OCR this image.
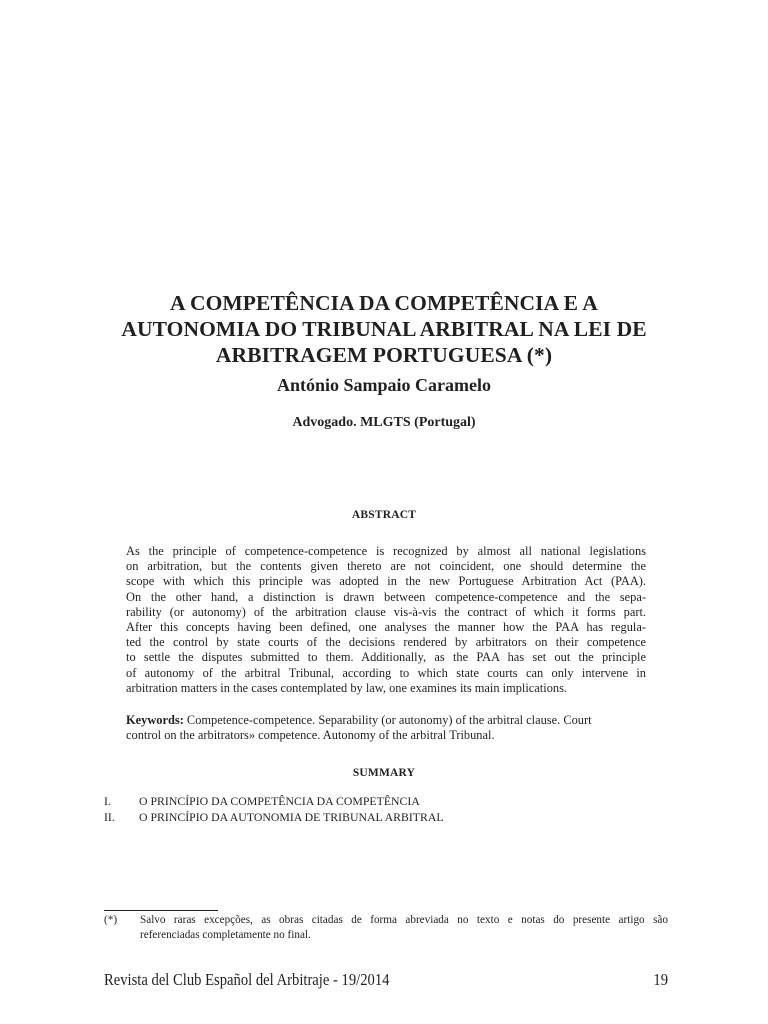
A COMPETÊNCIA DA COMPETÊNCIA E A
AUTONOMIA DO TRIBUNAL ARBITRAL NA LEI DE
ARBITRAGEM PORTUGUESA (*)
António Sampaio Caramelo
Advogado. MLGTS (Portugal)
ABSTRACT
As the principle of competence-competence is recognized by almost all national legislations
on arbitration, but the contents given thereto are not coincident, one should determine the
scope with which this principle was adopted in the new Portuguese Arbitration Act (PAA).
On the other hand, a distinction is drawn between competence-competence and the sepa-
rability (or autonomy) of the arbitration clause vis-à-vis the contract of which it forms part.
After this concepts having been defined, one analyses the manner how the PAA has regula-
ted the control by state courts of the decisions rendered by arbitrators on their competence
to settle the disputes submitted to them. Additionally, as the PAA has set out the principle
of autonomy of the arbitral Tribunal, according to which state courts can only intervene in
arbitration matters in the cases contemplated by law, one examines its main implications.
Keywords: Competence-competence. Separability (or autonomy) of the arbitral clause. Court
control on the arbitrators» competence. Autonomy of the arbitral Tribunal.
SUMMARY
I. O PRINCÍPIO DA COMPETÊNCIA DA COMPETÊNCIA
II. O PRINCÍPIO DA AUTONOMIA DE TRIBUNAL ARBITRAL
(*) Salvo raras excepções, as obras citadas de forma abreviada no texto e notas do presente artigo são
referenciadas completamente no final.
Revista del Club Español del Arbitraje - 19/2014	19
